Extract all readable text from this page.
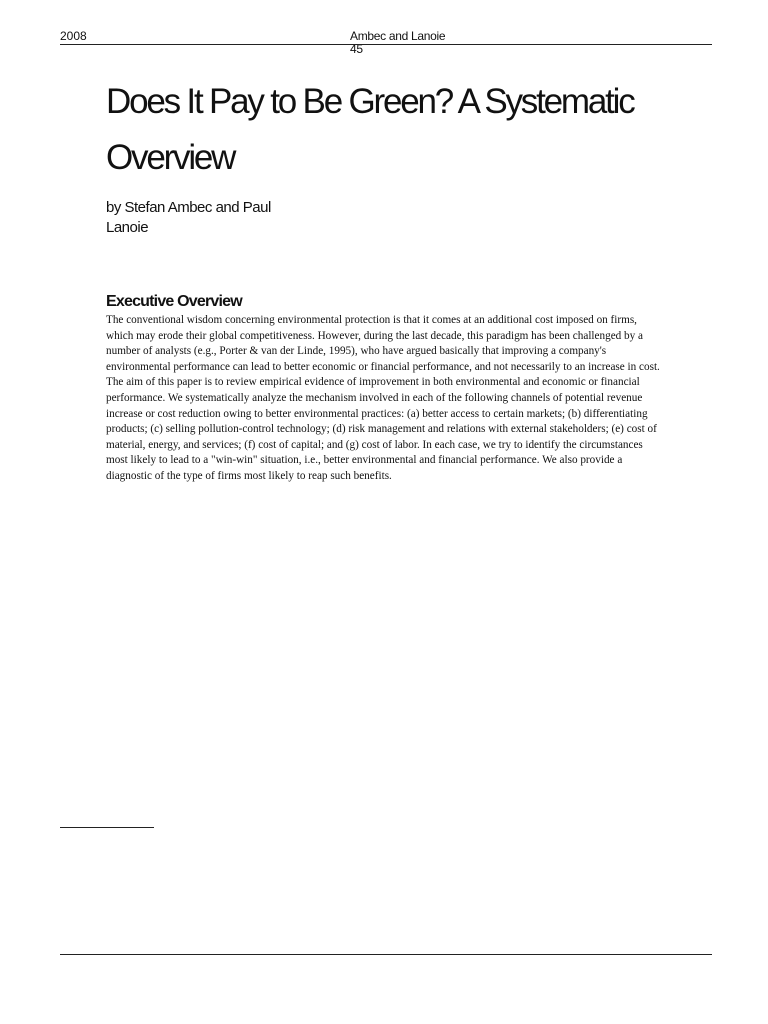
2008	Ambec and Lanoie
45
Does It Pay to Be Green? A Systematic Overview

by Stefan Ambec and Paul Lanoie

Executive Overview

The conventional wisdom concerning environmental protection is that it comes at an additional cost imposed on firms, which may erode their global competitiveness. However, during the last decade, this paradigm has been challenged by a number of analysts (e.g., Porter & van der Linde, 1995), who have argued basically that improving a company's environmental performance can lead to better economic or financial performance, and not necessarily to an increase in cost. The aim of this paper is to review empirical evidence of improvement in both environmental and economic or financial performance. We systematically analyze the mechanism involved in each of the following channels of potential revenue increase or cost reduction owing to better environmental practices: (a) better access to certain markets; (b) differentiating products; (c) selling pollution-control technology; (d) risk management and relations with external stakeholders; (e) cost of material, energy, and services; (f) cost of capital; and (g) cost of labor. In each case, we try to identify the circumstances most likely to lead to a "win-win" situation, i.e., better environmental and financial performance. We also provide a diagnostic of the type of firms most likely to reap such benefits.
